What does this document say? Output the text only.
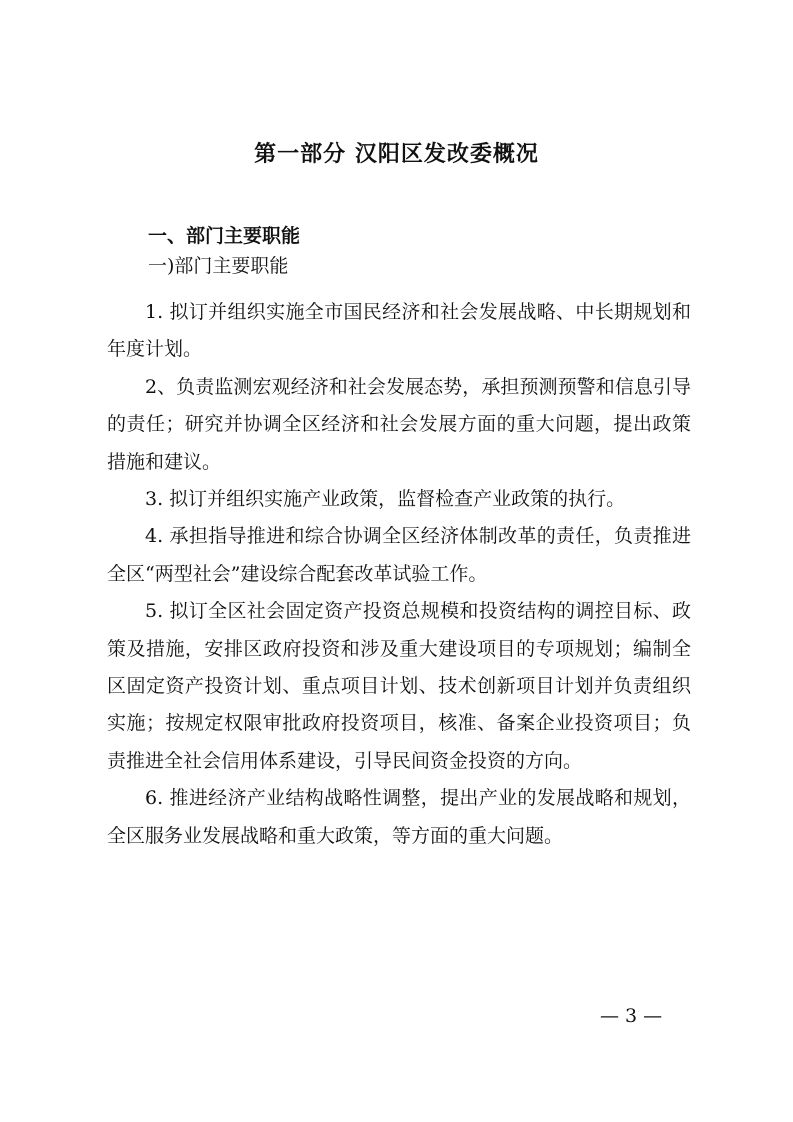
第一部分 汉阳区发改委概况
一、部门主要职能
一)部门主要职能

1. 拟订并组织实施全市国民经济和社会发展战略、中长期规划和年度计划。

2、负责监测宏观经济和社会发展态势，承担预测预警和信息引导的责任；研究并协调全区经济和社会发展方面的重大问题，提出政策措施和建议。

3. 拟订并组织实施产业政策，监督检查产业政策的执行。

4. 承担指导推进和综合协调全区经济体制改革的责任，负责推进全区“两型社会”建设综合配套改革试验工作。

5. 拟订全区社会固定资产投资总规模和投资结构的调控目标、政策及措施，安排区政府投资和涉及重大建设项目的专项规划；编制全区固定资产投资计划、重点项目计划、技术创新项目计划并负责组织实施；按规定权限审批政府投资项目，核准、备案企业投资项目；负责推进全社会信用体系建设，引导民间资金投资的方向。

6. 推进经济产业结构战略性调整，提出产业的发展战略和规划，全区服务业发展战略和重大政策，等方面的重大问题。

— 3 —
